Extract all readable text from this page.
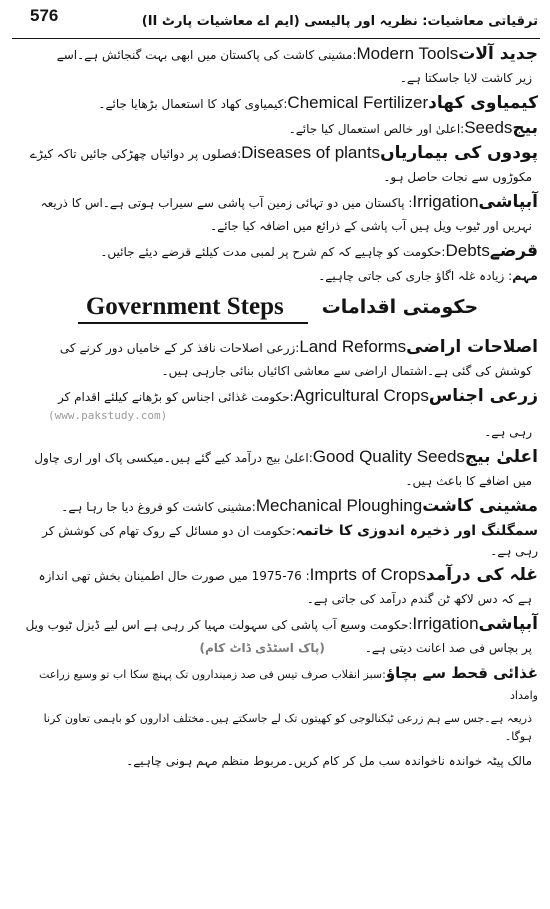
576	ترقیاتی معاشیات: نظریہ اور پالیسی (ایم اے معاشیات پارٹ II)

جدید آلاتModern Tools:مشینی کاشت کی پاکستان میں ابھی بہت گنجائش ہے۔اسے

زیر کاشت لایا جاسکتا ہے۔

کیمیاوی کھادChemical Fertilizer:کیمیاوی کھاد کا استعمال بڑھایا جائے۔

بیجSeeds:اعلیٰ اور خالص استعمال کیا جائے۔

پودوں کی بیماریاںDiseases of plants:فصلوں پر دوائیاں چھڑکی جائیں تاکہ کیڑے

مکوڑوں سے نجات حاصل ہو۔

آبپاشیIrrigation: پاکستان میں دو تہائی زمین آب پاشی سے سیراب ہوتی ہے۔اس کا ذریعہ

نہریں اور ٹیوب ویل ہیں آب پاشی کے ذرائع میں اضافہ کیا جائے۔

قرضےDebts:حکومت کو چاہیے کہ کم شرح پر لمبی مدت کیلئے قرضے دیئے جائیں۔

مہم: زیادہ غلہ اگاؤ جاری کی جاتی چاہیے۔

حکومتی اقداماتGovernment Steps

اصلاحات اراضیLand Reforms:زرعی اصلاحات نافذ کر کے خامیاں دور کرنے کی

کوشش کی گئی ہے۔اشتمال اراضی سے معاشی اکائیاں بنائی جارہی ہیں۔

زرعی اجناسAgricultural Crops:حکومت غذائی اجناس کو بڑھانے کیلئے اقدام کر

(www.pakstudy.com)

رہی ہے۔

اعلیٰ بیجGood Quality Seeds:اعلیٰ بیج درآمد کیے گئے ہیں۔میکسی پاک اور اری چاول

میں اضافے کا باعث ہیں۔

مشینی کاشتMechanical Ploughing:مشینی کاشت کو فروغ دیا جا رہا ہے۔

سمگلنگ اور ذخیرہ اندوزی کا خاتمہ:حکومت ان دو مسائل کے روک تھام کی کوشش کر رہی ہے۔

غلہ کی درآمدImprts of Crops: 76-1975 میں صورت حال اطمینان بخش تھی اندازہ

ہے کہ دس لاکھ ٹن گندم درآمد کی جاتی ہے۔

آبپاشیIrrigation:حکومت وسیع آب پاشی کی سہولت مہیا کر رہی ہے اس لیے ڈیزل ٹیوب ویل

پر بچاس فی صد اعانت دیتی ہے۔(پاک اسٹڈی ڈاٹ کام)

غذائی قحط سے بچاؤ:سبز انقلاب صرف تیس فی صد زمینداروں تک پہنچ سکا اب تو وسیع زراعت وامداد

ذریعہ ہے۔جس سے ہم زرعی ٹیکنالوجی کو کھیتوں تک لے جاسکتے ہیں۔مختلف اداروں کو باہمی تعاون کرنا ہوگا۔

مالک پیٹہ خواندہ ناخواندہ سب مل کر کام کریں۔مربوط منظم مہم ہونی چاہیے۔
